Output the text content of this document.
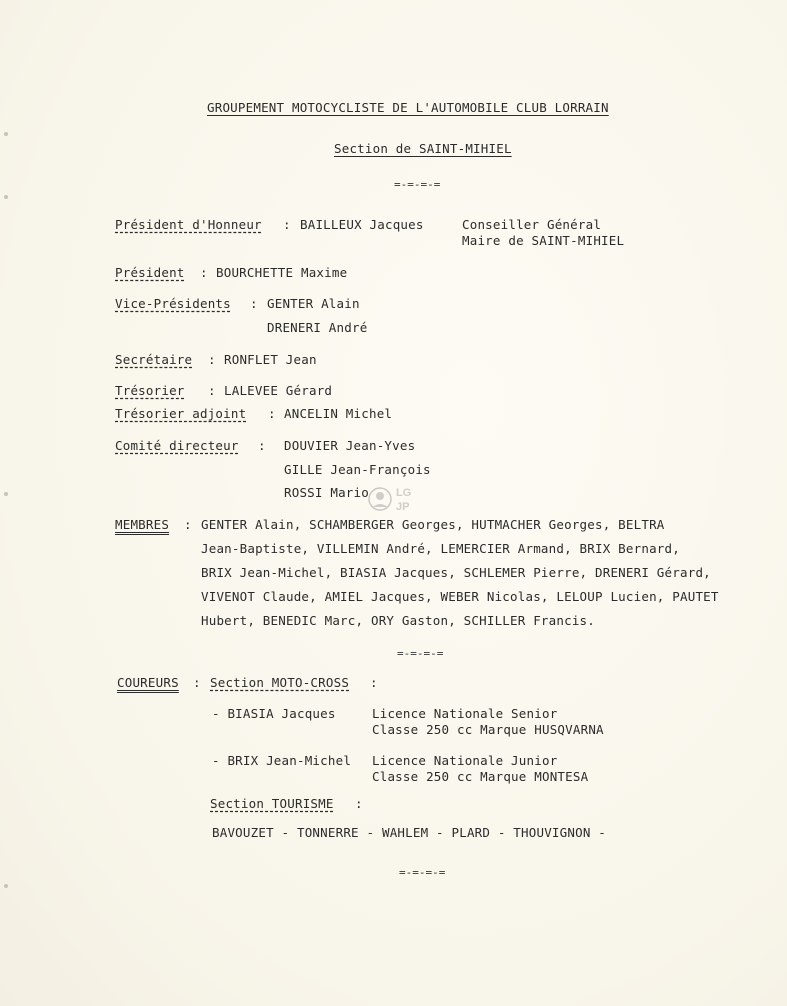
GROUPEMENT MOTOCYCLISTE DE L'AUTOMOBILE CLUB LORRAIN
Section de SAINT-MIHIEL
=-=-=-=
Président d'Honneur : BAILLEUX Jacques	Conseiller Général
Maire de SAINT-MIHIEL
Président : BOURCHETTE Maxime
Vice-Présidents : GENTER Alain
DRENERI André
Secrétaire : RONFLET Jean
Trésorier : LALEVEE Gérard
Trésorier adjoint : ANCELIN Michel
Comité directeur : DOUVIER Jean-Yves
GILLE Jean-François
ROSSI Mario LG
JP
MEMBRES : GENTER Alain, SCHAMBERGER Georges, HUTMACHER Georges, BELTRA
Jean-Baptiste, VILLEMIN André, LEMERCIER Armand, BRIX Bernard,
BRIX Jean-Michel, BIASIA Jacques, SCHLEMER Pierre, DRENERI Gérard,
VIVENOT Claude, AMIEL Jacques, WEBER Nicolas, LELOUP Lucien, PAUTET
Hubert, BENEDIC Marc, ORY Gaston, SCHILLER Francis.
=-=-=-=
COUREURS : Section MOTO-CROSS :
- BIASIA Jacques	Licence Nationale Senior
Classe 250 cc Marque HUSQVARNA
- BRIX Jean-Michel Licence Nationale Junior
Classe 250 cc Marque MONTESA
Section TOURISME :
BAVOUZET - TONNERRE - WAHLEM - PLARD - THOUVIGNON -
=-=-=-=
